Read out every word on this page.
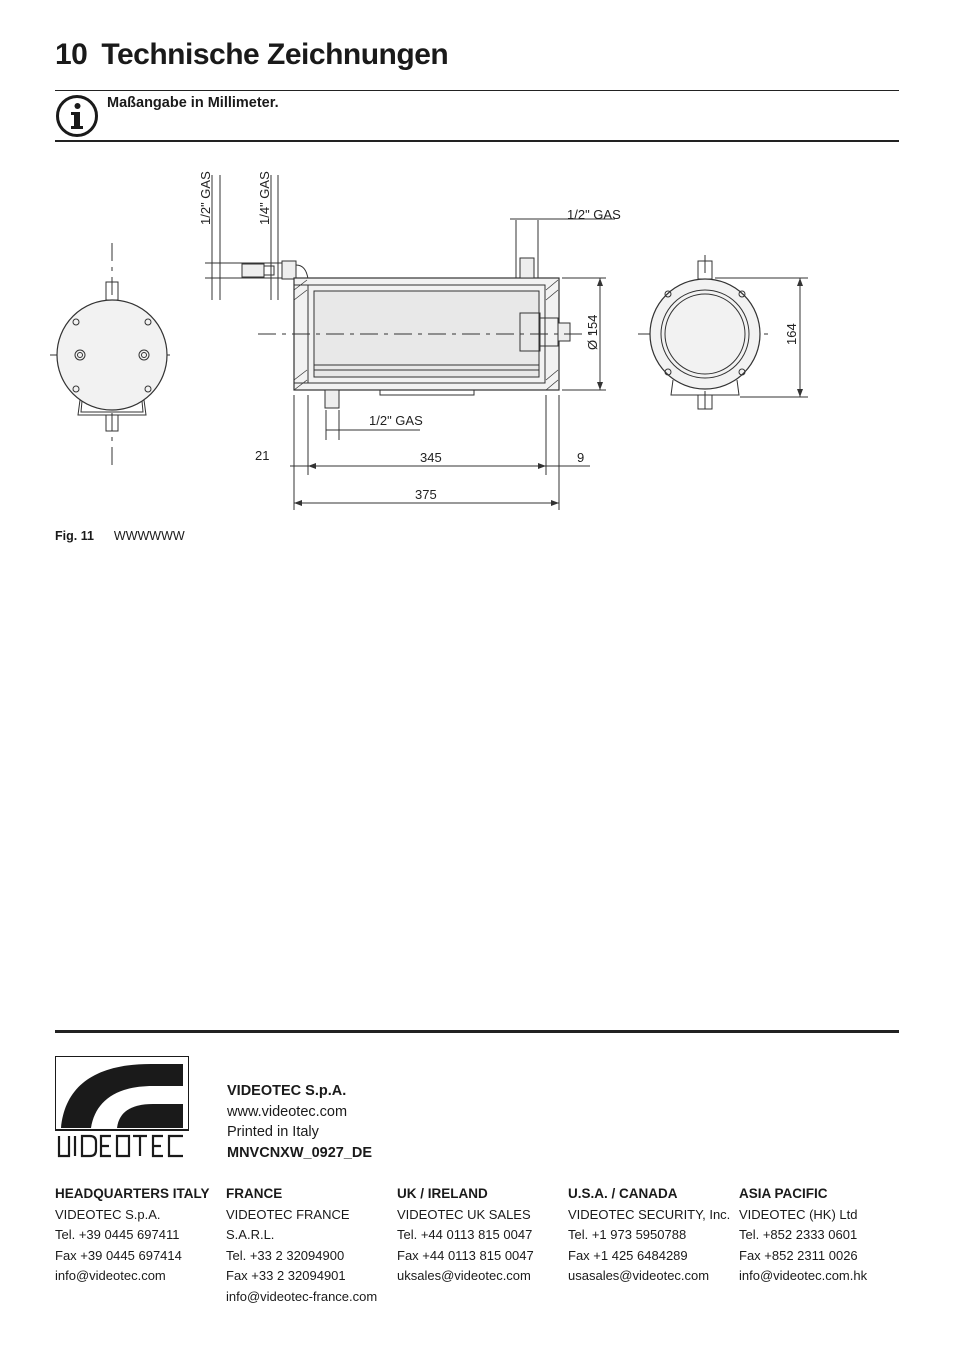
10 Technische Zeichnungen
Maßangabe in Millimeter.
1/2" GAS	1/4" GAS	1/2" GAS
1/2" GAS
Ø 154	164
21	345	9
375
Fig. 11 WWWWWW
VIDEOTEC S.p.A.
www.videotec.com
Printed in Italy
MNVCNXW_0927_DE
HEADQUARTERS ITALY
VIDEOTEC S.p.A.
Tel. +39 0445 697411
Fax +39 0445 697414
info@videotec.com
FRANCE
VIDEOTEC FRANCE S.A.R.L.
Tel. +33 2 32094900
Fax +33 2 32094901
info@videotec-france.com
UK / IRELAND
VIDEOTEC UK SALES
Tel. +44 0113 815 0047
Fax +44 0113 815 0047
uksales@videotec.com
U.S.A. / CANADA
VIDEOTEC SECURITY, Inc.
Tel. +1 973 5950788
Fax +1 425 6484289
usasales@videotec.com
ASIA PACIFIC
VIDEOTEC (HK) Ltd
Tel. +852 2333 0601
Fax +852 2311 0026
info@videotec.com.hk
